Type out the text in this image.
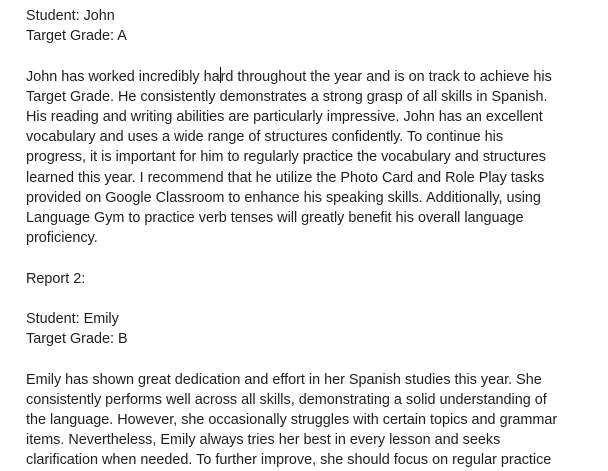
Student: John
Target Grade: A
John has worked incredibly hard throughout the year and is on track to achieve his
Target Grade. He consistently demonstrates a strong grasp of all skills in Spanish.
His reading and writing abilities are particularly impressive. John has an excellent
vocabulary and uses a wide range of structures confidently. To continue his
progress, it is important for him to regularly practice the vocabulary and structures
learned this year. I recommend that he utilize the Photo Card and Role Play tasks
provided on Google Classroom to enhance his speaking skills. Additionally, using
Language Gym to practice verb tenses will greatly benefit his overall language
proficiency.
Report 2:
Student: Emily
Target Grade: B
Emily has shown great dedication and effort in her Spanish studies this year. She
consistently performs well across all skills, demonstrating a solid understanding of
the language. However, she occasionally struggles with certain topics and grammar
items. Nevertheless, Emily always tries her best in every lesson and seeks
clarification when needed. To further improve, she should focus on regular practice
